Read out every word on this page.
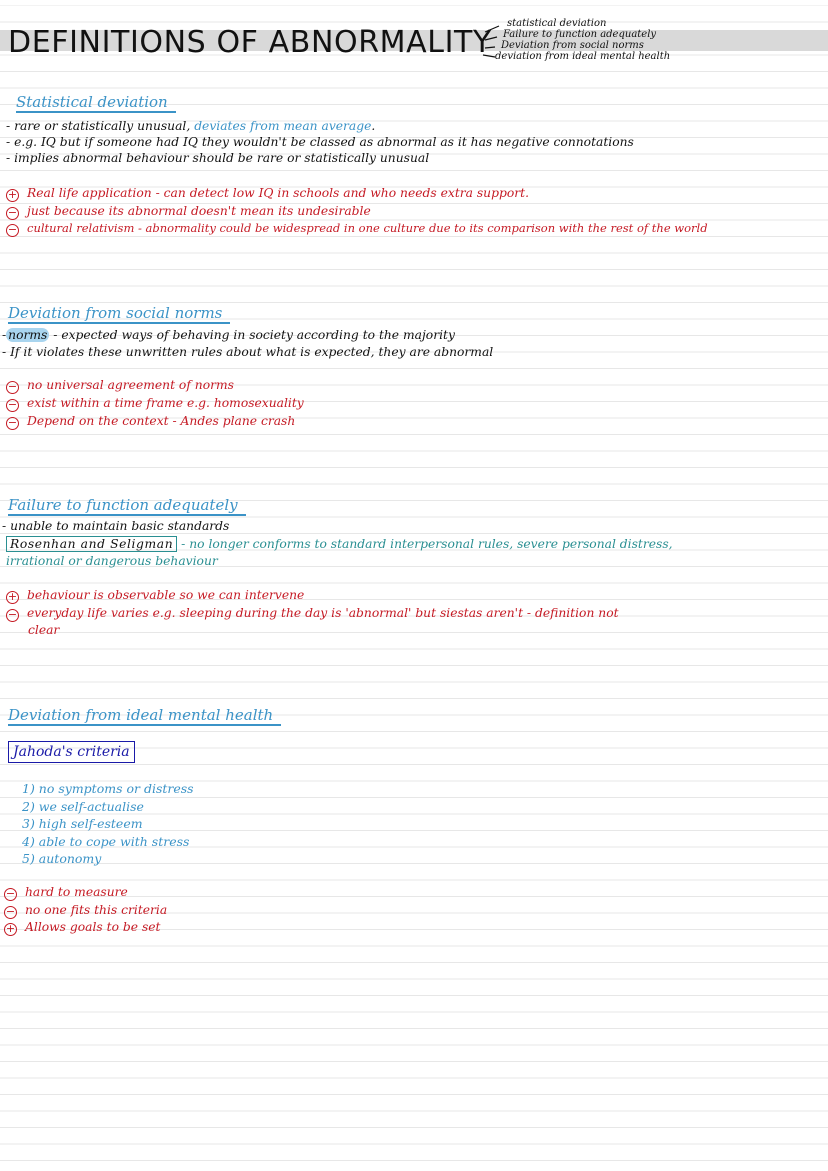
DEFINITIONS OF ABNORMALITY
statistical deviation
Failure to function adequately
Deviation from social norms
deviation from ideal mental health
Statistical deviation

- rare or statistically unusual, deviates from mean average.

- e.g. IQ but if someone had IQ they wouldn't be classed as abnormal as it has negative connotations

- implies abnormal behaviour should be rare or statistically unusual

+ Real life application - can detect low IQ in schools and who needs extra support.

− just because its abnormal doesn't mean its undesirable

− cultural relativism - abnormality could be widespread in one culture due to its comparison with the rest of the world

Deviation from social norms

- norms - expected ways of behaving in society according to the majority

- If it violates these unwritten rules about what is expected, they are abnormal

− no universal agreement of norms

− exist within a time frame e.g. homosexuality

− Depend on the context - Andes plane crash

Failure to function adequately

- unable to maintain basic standards

Rosenhan and Seligman - no longer conforms to standard interpersonal rules, severe personal distress,

irrational or dangerous behaviour

+ behaviour is observable so we can intervene

− everyday life varies e.g. sleeping during the day is 'abnormal' but siestas aren't - definition not

clear

Deviation from ideal mental health

Jahoda's criteria

1) no symptoms or distress
2) we self-actualise
3) high self-esteem
4) able to cope with stress
5) autonomy

− hard to measure

− no one fits this criteria

+ Allows goals to be set
